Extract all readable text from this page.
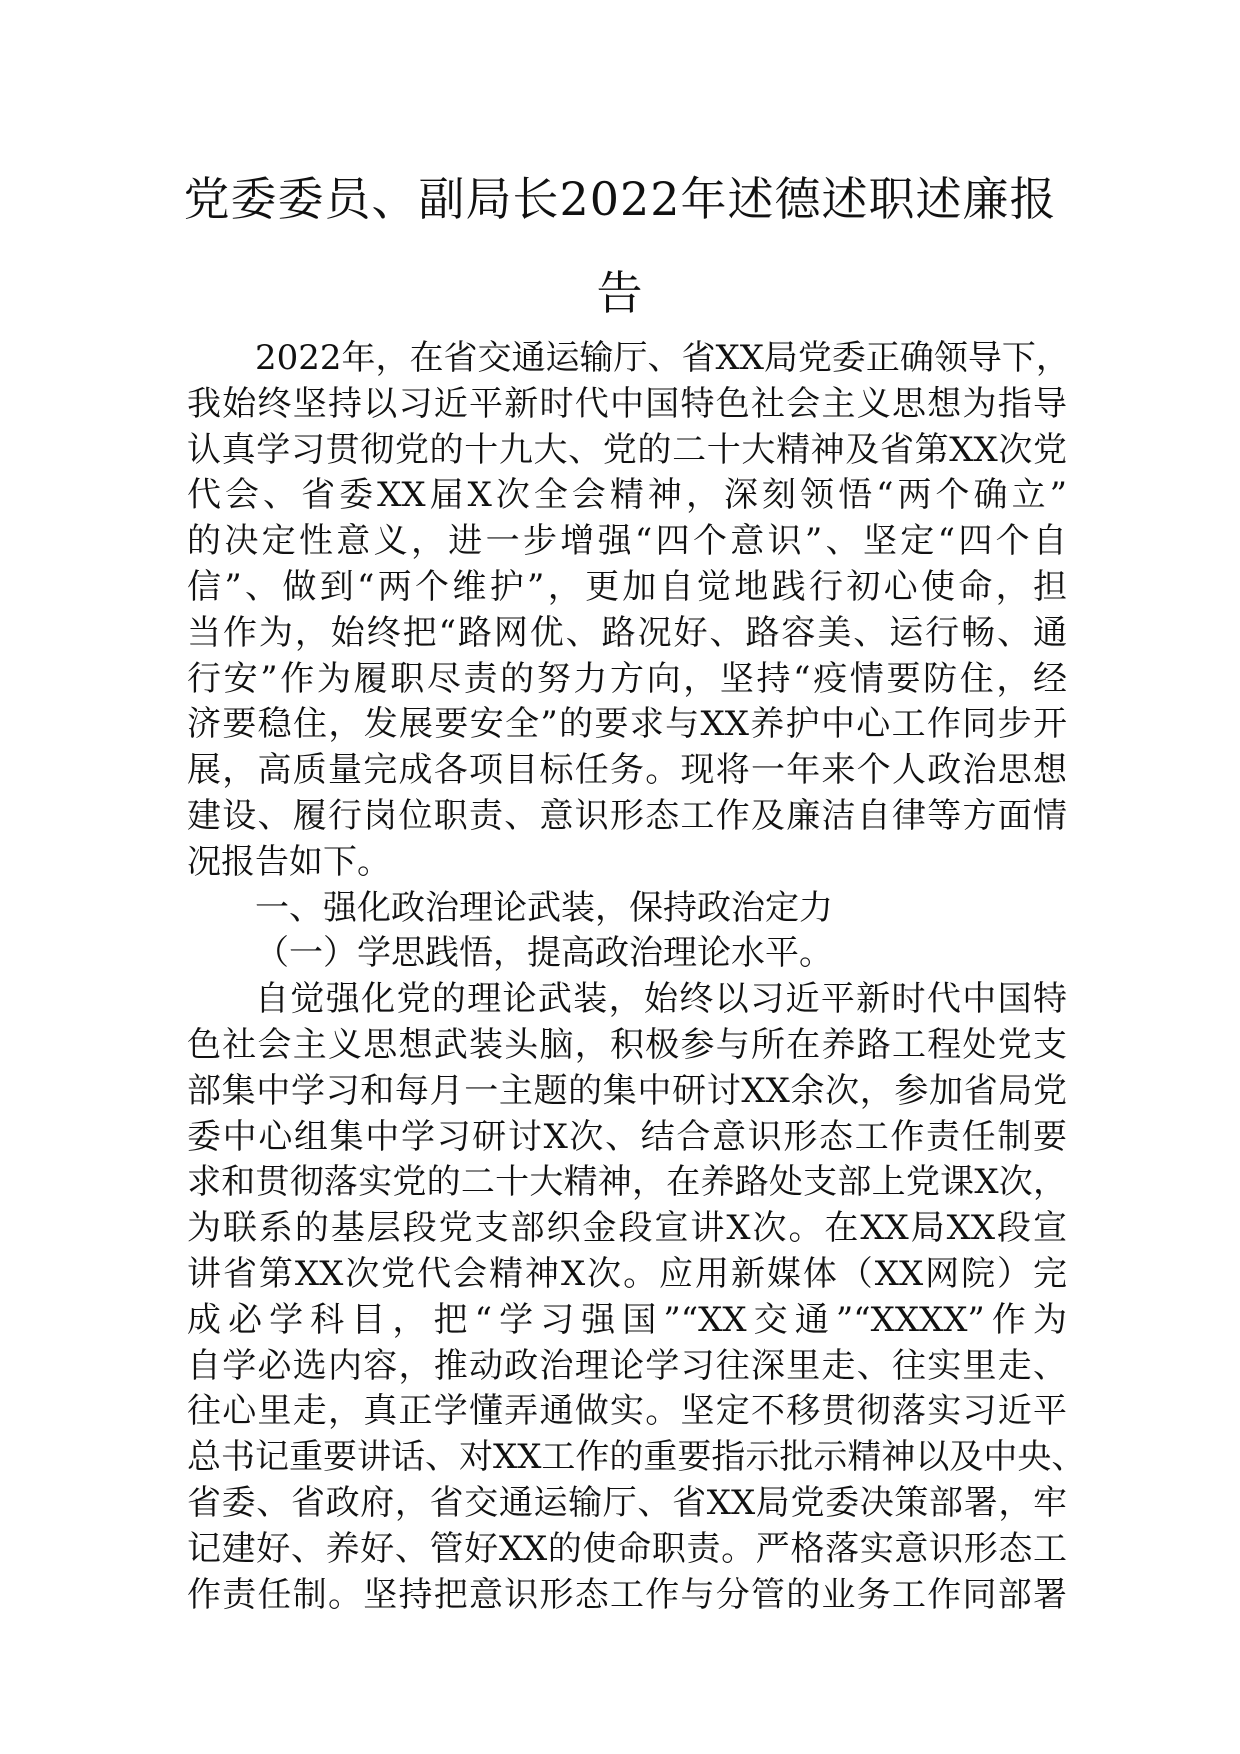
党委委员、副局长2022年述德述职述廉报
告
2022年，在省交通运输厅、省XX局党委正确领导下，
我始终坚持以习近平新时代中国特色社会主义思想为指导
认真学习贯彻党的十九大、党的二十大精神及省第XX次党
代会、省委XX届X次全会精神，深刻领悟“两个确立”
的决定性意义，进一步增强“四个意识”、坚定“四个自
信”、做到“两个维护”，更加自觉地践行初心使命，担
当作为，始终把“路网优、路况好、路容美、运行畅、通
行安”作为履职尽责的努力方向，坚持“疫情要防住，经
济要稳住，发展要安全”的要求与XX养护中心工作同步开
展，高质量完成各项目标任务。现将一年来个人政治思想
建设、履行岗位职责、意识形态工作及廉洁自律等方面情
况报告如下。
一、强化政治理论武装，保持政治定力
（一）学思践悟，提高政治理论水平。
自觉强化党的理论武装，始终以习近平新时代中国特
色社会主义思想武装头脑，积极参与所在养路工程处党支
部集中学习和每月一主题的集中研讨XX余次，参加省局党
委中心组集中学习研讨X次、结合意识形态工作责任制要
求和贯彻落实党的二十大精神，在养路处支部上党课X次，
为联系的基层段党支部织金段宣讲X次。在XX局XX段宣
讲省第XX次党代会精神X次。应用新媒体（XX网院）完
成必学科目，把“学习强国”“XX交通”“XXXX”作为
自学必选内容，推动政治理论学习往深里走、往实里走、
往心里走，真正学懂弄通做实。坚定不移贯彻落实习近平
总书记重要讲话、对XX工作的重要指示批示精神以及中央、
省委、省政府，省交通运输厅、省XX局党委决策部署，牢
记建好、养好、管好XX的使命职责。严格落实意识形态工
作责任制。坚持把意识形态工作与分管的业务工作同部署
